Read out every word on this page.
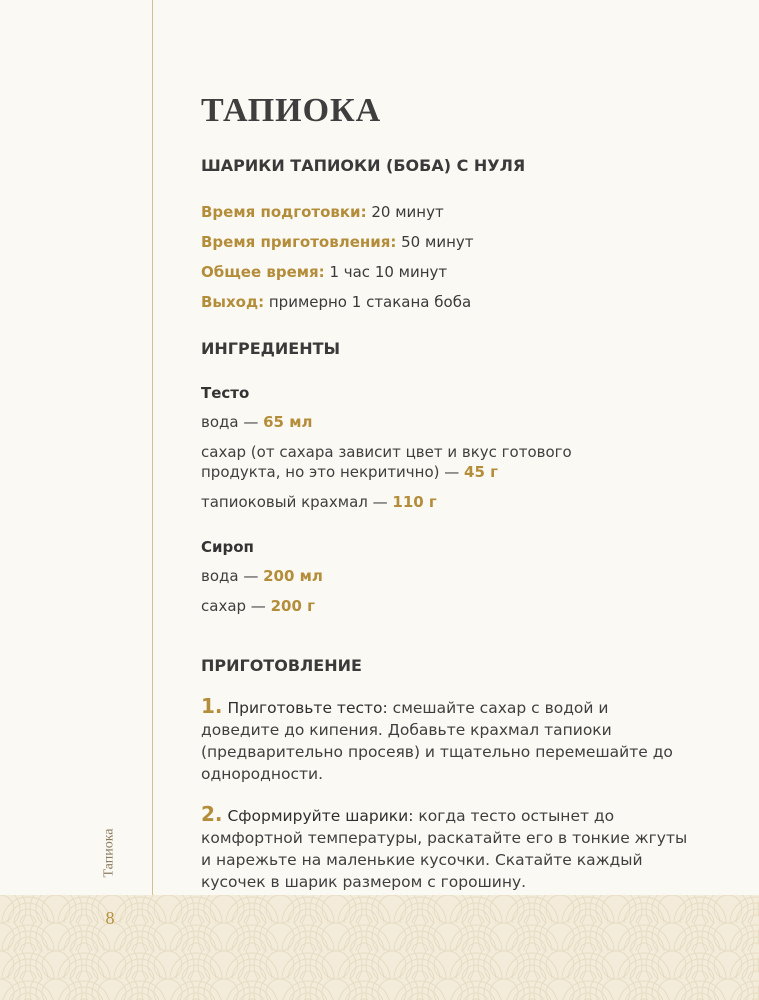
Тапиока
8
ТАПИОКА
ШАРИКИ ТАПИОКИ (БОБА) С НУЛЯ
Время подготовки: 20 минут
Время приготовления: 50 минут
Общее время: 1 час 10 минут
Выход: примерно 1 стакана боба
ИНГРЕДИЕНТЫ
Тесто
вода — 65 мл
сахар (от сахара зависит цвет и вкус готового продукта, но это некритично) — 45 г
тапиоковый крахмал — 110 г
Сироп
вода — 200 мл
сахар — 200 г
ПРИГОТОВЛЕНИЕ
1. Приготовьте тесто: смешайте сахар с водой и доведите до кипения. Добавьте крахмал тапиоки (предварительно просеяв) и тщательно перемешайте до однородности.
2. Сформируйте шарики: когда тесто остынет до комфортной температуры, раскатайте его в тонкие жгуты и нарежьте на маленькие кусочки. Скатайте каждый кусочек в шарик размером с горошину.
